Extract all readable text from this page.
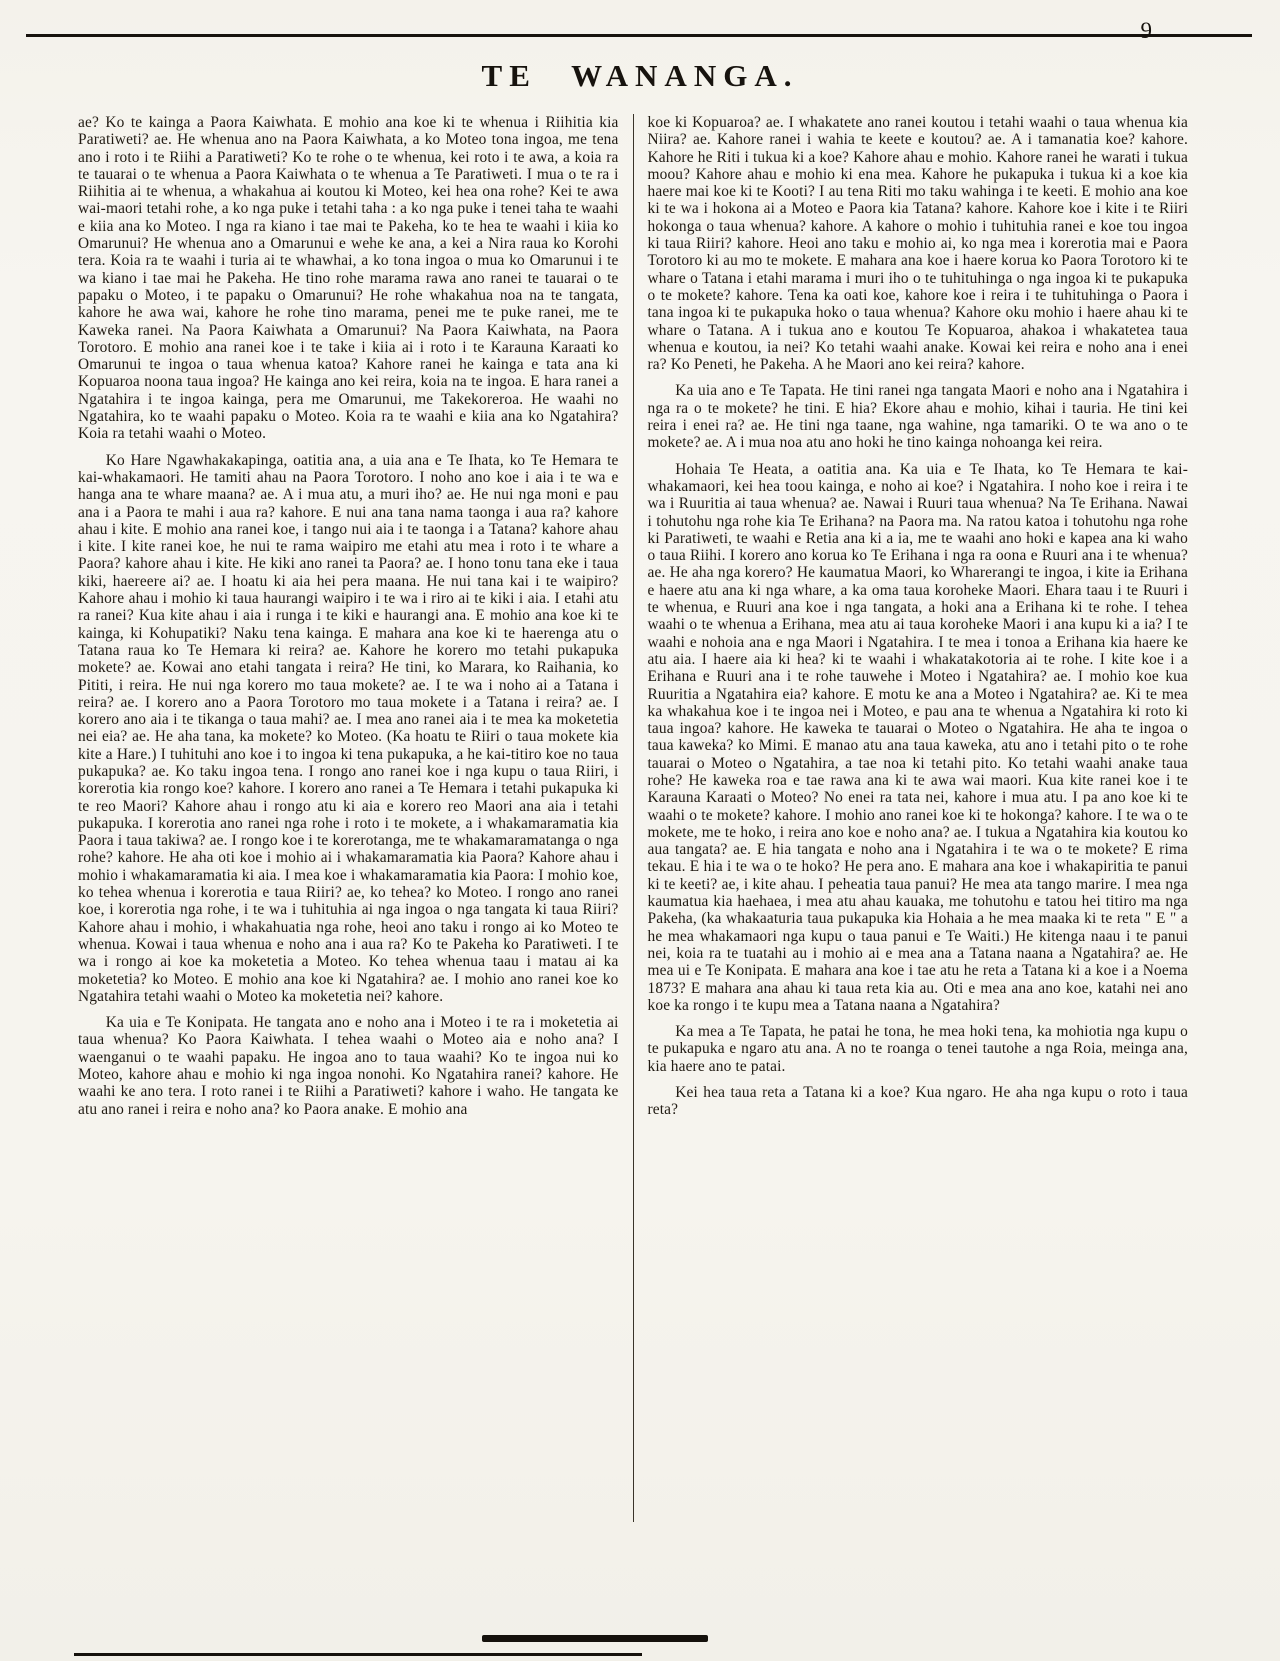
TE WANANGA.
9

ae? Ko te kainga a Paora Kaiwhata. E mohio ana koe ki te whenua i Riihitia kia Paratiweti? ae. He whenua ano na Paora Kaiwhata, a ko Moteo tona ingoa, me tena ano i roto i te Riihi a Paratiweti? Ko te rohe o te whenua, kei roto i te awa, a koia ra te tauarai o te whenua a Paora Kaiwhata o te whenua a Te Paratiweti. I mua o te ra i Riihitia ai te whenua, a whakahua ai koutou ki Moteo, kei hea ona rohe? Kei te awa wai-maori tetahi rohe, a ko nga puke i tetahi taha : a ko nga puke i tenei taha te waahi e kiia ana ko Moteo. I nga ra kiano i tae mai te Pakeha, ko te hea te waahi i kiia ko Omarunui? He whenua ano a Omarunui e wehe ke ana, a kei a Nira raua ko Korohi tera. Koia ra te waahi i turia ai te whawhai, a ko tona ingoa o mua ko Omarunui i te wa kiano i tae mai he Pakeha. He tino rohe marama rawa ano ranei te tauarai o te papaku o Moteo, i te papaku o Omarunui? He rohe whakahua noa na te tangata, kahore he awa wai, kahore he rohe tino marama, penei me te puke ranei, me te Kaweka ranei. Na Paora Kaiwhata a Omarunui? Na Paora Kaiwhata, na Paora Torotoro. E mohio ana ranei koe i te take i kiia ai i roto i te Karauna Karaati ko Omarunui te ingoa o taua whenua katoa? Kahore ranei he kainga e tata ana ki Kopuaroa noona taua ingoa? He kainga ano kei reira, koia na te ingoa. E hara ranei a Ngatahira i te ingoa kainga, pera me Omarunui, me Takekoreroa. He waahi no Ngatahira, ko te waahi papaku o Moteo. Koia ra te waahi e kiia ana ko Ngatahira? Koia ra tetahi waahi o Moteo.

Ko Hare Ngawhakakapinga, oatitia ana, a uia ana e Te Ihata, ko Te Hemara te kai-whakamaori. He tamiti ahau na Paora Torotoro. I noho ano koe i aia i te wa e hanga ana te whare maana? ae. A i mua atu, a muri iho? ae. He nui nga moni e pau ana i a Paora te mahi i aua ra? kahore. E nui ana tana nama taonga i aua ra? kahore ahau i kite. E mohio ana ranei koe, i tango nui aia i te taonga i a Tatana? kahore ahau i kite. I kite ranei koe, he nui te rama waipiro me etahi atu mea i roto i te whare a Paora? kahore ahau i kite. He kiki ano ranei ta Paora? ae. I hono tonu tana eke i taua kiki, haereere ai? ae. I hoatu ki aia hei pera maana. He nui tana kai i te waipiro? Kahore ahau i mohio ki taua haurangi waipiro i te wa i riro ai te kiki i aia. I etahi atu ra ranei? Kua kite ahau i aia i runga i te kiki e haurangi ana. E mohio ana koe ki te kainga, ki Kohupatiki? Naku tena kainga. E mahara ana koe ki te haerenga atu o Tatana raua ko Te Hemara ki reira? ae. Kahore he korero mo tetahi pukapuka mokete? ae. Kowai ano etahi tangata i reira? He tini, ko Marara, ko Raihania, ko Pititi, i reira. He nui nga korero mo taua mokete? ae. I te wa i noho ai a Tatana i reira? ae. I korero ano a Paora Torotoro mo taua mokete i a Tatana i reira? ae. I korero ano aia i te tikanga o taua mahi? ae. I mea ano ranei aia i te mea ka moketetia nei eia? ae. He aha tana, ka mokete? ko Moteo. (Ka hoatu te Riiri o taua mokete kia kite a Hare.) I tuhituhi ano koe i to ingoa ki tena pukapuka, a he kai-titiro koe no taua pukapuka? ae. Ko taku ingoa tena. I rongo ano ranei koe i nga kupu o taua Riiri, i korerotia kia rongo koe? kahore. I korero ano ranei a Te Hemara i tetahi pukapuka ki te reo Maori? Kahore ahau i rongo atu ki aia e korero reo Maori ana aia i tetahi pukapuka. I korerotia ano ranei nga rohe i roto i te mokete, a i whakamaramatia kia Paora i taua takiwa? ae. I rongo koe i te korerotanga, me te whakamaramatanga o nga rohe? kahore. He aha oti koe i mohio ai i whakamaramatia kia Paora? Kahore ahau i mohio i whakamaramatia ki aia. I mea koe i whakamaramatia kia Paora: I mohio koe, ko tehea whenua i korerotia e taua Riiri? ae, ko tehea? ko Moteo. I rongo ano ranei koe, i korerotia nga rohe, i te wa i tuhituhia ai nga ingoa o nga tangata ki taua Riiri? Kahore ahau i mohio, i whakahuatia nga rohe, heoi ano taku i rongo ai ko Moteo te whenua. Kowai i taua whenua e noho ana i aua ra? Ko te Pakeha ko Paratiweti. I te wa i rongo ai koe ka moketetia a Moteo. Ko tehea whenua taau i matau ai ka moketetia? ko Moteo. E mohio ana koe ki Ngatahira? ae. I mohio ano ranei koe ko Ngatahira tetahi waahi o Moteo ka moketetia nei? kahore.

Ka uia e Te Konipata. He tangata ano e noho ana i Moteo i te ra i moketetia ai taua whenua? Ko Paora Kaiwhata. I tehea waahi o Moteo aia e noho ana? I waenganui o te waahi papaku. He ingoa ano to taua waahi? Ko te ingoa nui ko Moteo, kahore ahau e mohio ki nga ingoa nonohi. Ko Ngatahira ranei? kahore. He waahi ke ano tera. I roto ranei i te Riihi a Paratiweti? kahore i waho. He tangata ke atu ano ranei i reira e noho ana? ko Paora anake. E mohio ana

koe ki Kopuaroa? ae. I whakatete ano ranei koutou i tetahi waahi o taua whenua kia Niira? ae. Kahore ranei i wahia te keete e koutou? ae. A i tamanatia koe? kahore. Kahore he Riti i tukua ki a koe? Kahore ahau e mohio. Kahore ranei he warati i tukua moou? Kahore ahau e mohio ki ena mea. Kahore he pukapuka i tukua ki a koe kia haere mai koe ki te Kooti? I au tena Riti mo taku wahinga i te keeti. E mohio ana koe ki te wa i hokona ai a Moteo e Paora kia Tatana? kahore. Kahore koe i kite i te Riiri hokonga o taua whenua? kahore. A kahore o mohio i tuhituhia ranei e koe tou ingoa ki taua Riiri? kahore. Heoi ano taku e mohio ai, ko nga mea i korerotia mai e Paora Torotoro ki au mo te mokete. E mahara ana koe i haere korua ko Paora Torotoro ki te whare o Tatana i etahi marama i muri iho o te tuhituhinga o nga ingoa ki te pukapuka o te mokete? kahore. Tena ka oati koe, kahore koe i reira i te tuhituhinga o Paora i tana ingoa ki te pukapuka hoko o taua whenua? Kahore oku mohio i haere ahau ki te whare o Tatana. A i tukua ano e koutou Te Kopuaroa, ahakoa i whakatetea taua whenua e koutou, ia nei? Ko tetahi waahi anake. Kowai kei reira e noho ana i enei ra? Ko Peneti, he Pakeha. A he Maori ano kei reira? kahore.

Ka uia ano e Te Tapata. He tini ranei nga tangata Maori e noho ana i Ngatahira i nga ra o te mokete? he tini. E hia? Ekore ahau e mohio, kihai i tauria. He tini kei reira i enei ra? ae. He tini nga taane, nga wahine, nga tamariki. O te wa ano o te mokete? ae. A i mua noa atu ano hoki he tino kainga nohoanga kei reira.

Hohaia Te Heata, a oatitia ana. Ka uia e Te Ihata, ko Te Hemara te kai-whakamaori, kei hea toou kainga, e noho ai koe? i Ngatahira. I noho koe i reira i te wa i Ruuritia ai taua whenua? ae. Nawai i Ruuri taua whenua? Na Te Erihana. Nawai i tohutohu nga rohe kia Te Erihana? na Paora ma. Na ratou katoa i tohutohu nga rohe ki Paratiweti, te waahi e Retia ana ki a ia, me te waahi ano hoki e kapea ana ki waho o taua Riihi. I korero ano korua ko Te Erihana i nga ra oona e Ruuri ana i te whenua? ae. He aha nga korero? He kaumatua Maori, ko Wharerangi te ingoa, i kite ia Erihana e haere atu ana ki nga whare, a ka oma taua koroheke Maori. Ehara taau i te Ruuri i te whenua, e Ruuri ana koe i nga tangata, a hoki ana a Erihana ki te rohe. I tehea waahi o te whenua a Erihana, mea atu ai taua koroheke Maori i ana kupu ki a ia? I te waahi e nohoia ana e nga Maori i Ngatahira. I te mea i tonoa a Erihana kia haere ke atu aia. I haere aia ki hea? ki te waahi i whakatakotoria ai te rohe. I kite koe i a Erihana e Ruuri ana i te rohe tauwehe i Moteo i Ngatahira? ae. I mohio koe kua Ruuritia a Ngatahira eia? kahore. E motu ke ana a Moteo i Ngatahira? ae. Ki te mea ka whakahua koe i te ingoa nei i Moteo, e pau ana te whenua a Ngatahira ki roto ki taua ingoa? kahore. He kaweka te tauarai o Moteo o Ngatahira. He aha te ingoa o taua kaweka? ko Mimi. E manao atu ana taua kaweka, atu ano i tetahi pito o te rohe tauarai o Moteo o Ngatahira, a tae noa ki tetahi pito. Ko tetahi waahi anake taua rohe? He kaweka roa e tae rawa ana ki te awa wai maori. Kua kite ranei koe i te Karauna Karaati o Moteo? No enei ra tata nei, kahore i mua atu. I pa ano koe ki te waahi o te mokete? kahore. I mohio ano ranei koe ki te hokonga? kahore. I te wa o te mokete, me te hoko, i reira ano koe e noho ana? ae. I tukua a Ngatahira kia koutou ko aua tangata? ae. E hia tangata e noho ana i Ngatahira i te wa o te mokete? E rima tekau. E hia i te wa o te hoko? He pera ano. E mahara ana koe i whakapiritia te panui ki te keeti? ae, i kite ahau. I peheatia taua panui? He mea ata tango marire. I mea nga kaumatua kia haehaea, i mea atu ahau kauaka, me tohutohu e tatou hei titiro ma nga Pakeha, (ka whakaaturia taua pukapuka kia Hohaia a he mea maaka ki te reta " E " a he mea whakamaori nga kupu o taua panui e Te Waiti.) He kitenga naau i te panui nei, koia ra te tuatahi au i mohio ai e mea ana a Tatana naana a Ngatahira? ae. He mea ui e Te Konipata. E mahara ana koe i tae atu he reta a Tatana ki a koe i a Noema 1873? E mahara ana ahau ki taua reta kia au. Oti e mea ana ano koe, katahi nei ano koe ka rongo i te kupu mea a Tatana naana a Ngatahira?

Ka mea a Te Tapata, he patai he tona, he mea hoki tena, ka mohiotia nga kupu o te pukapuka e ngaro atu ana. A no te roanga o tenei tautohe a nga Roia, meinga ana, kia haere ano te patai.

Kei hea taua reta a Tatana ki a koe? Kua ngaro. He aha nga kupu o roto i taua reta?
